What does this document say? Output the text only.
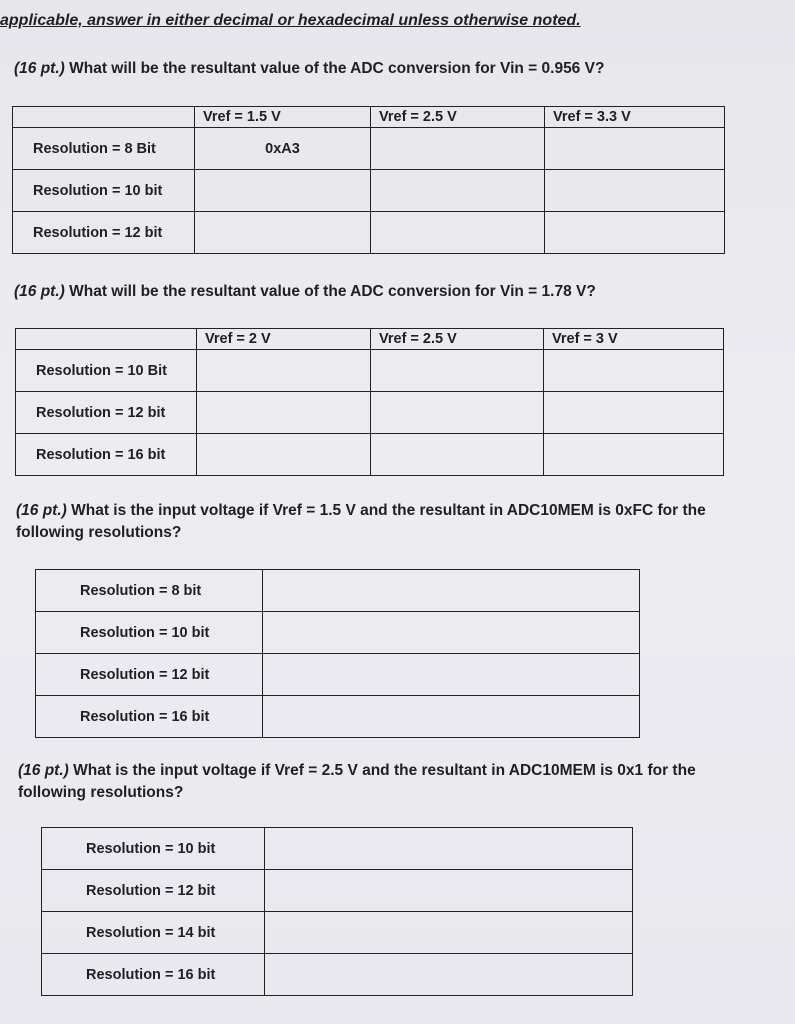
applicable, answer in either decimal or hexadecimal unless otherwise noted.
(16 pt.) What will be the resultant value of the ADC conversion for Vin = 0.956 V?
	Vref = 1.5 V	Vref = 2.5 V	Vref = 3.3 V
Resolution = 8 Bit	0xA3		
Resolution = 10 bit			
Resolution = 12 bit			
(16 pt.) What will be the resultant value of the ADC conversion for Vin = 1.78 V?
	Vref = 2 V	Vref = 2.5 V	Vref = 3 V
Resolution = 10 Bit			
Resolution = 12 bit			
Resolution = 16 bit			
(16 pt.) What is the input voltage if Vref = 1.5 V and the resultant in ADC10MEM is 0xFC for the following resolutions?
Resolution = 8 bit	
Resolution = 10 bit	
Resolution = 12 bit	
Resolution = 16 bit	
(16 pt.) What is the input voltage if Vref = 2.5 V and the resultant in ADC10MEM is 0x1 for the following resolutions?
Resolution = 10 bit	
Resolution = 12 bit	
Resolution = 14 bit	
Resolution = 16 bit	
